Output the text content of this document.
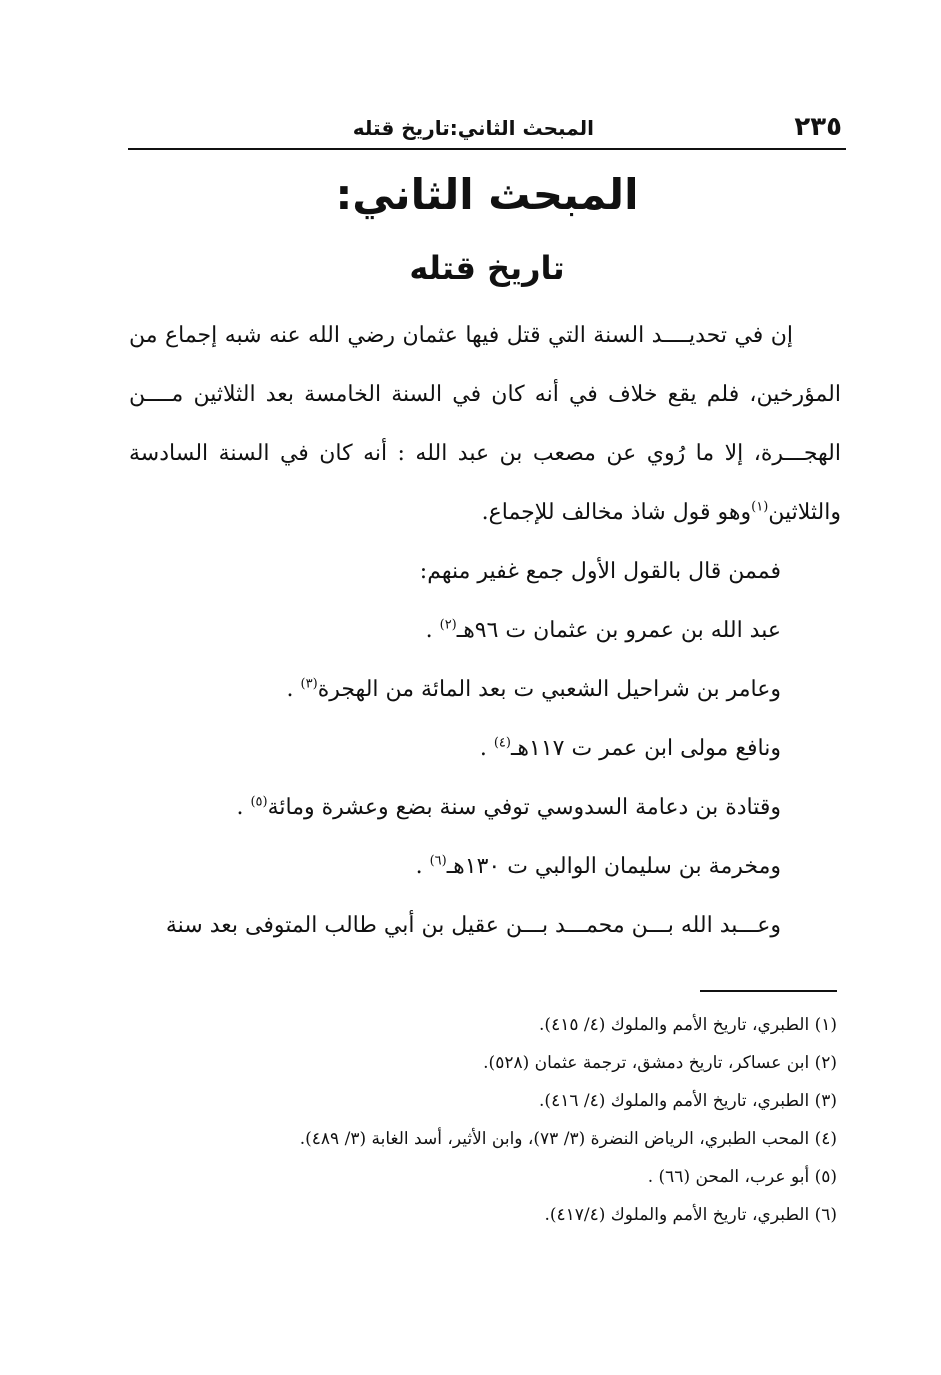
٢٣٥
المبحث الثاني:تاريخ قتله
المبحث الثاني:
تاريخ قتله

إن في تحديــــد السنة التي قتل فيها عثمان رضي الله عنه شبه إجماع من المؤرخين، فلم يقع خلاف في أنه كان في السنة الخامسة بعد الثلاثين مــــن الهجـــرة، إلا ما رُوي عن مصعب بن عبد الله : أنه كان في السنة السادسة والثلاثين$^{(١)}$وهو قول شاذ مخالف للإجماع.

فممن قال بالقول الأول جمع غفير منهم:

عبد الله بن عمرو بن عثمان ت ٩٦هـ$^{(٢)}$ .

وعامر بن شراحيل الشعبي ت بعد المائة من الهجرة$^{(٣)}$ .

ونافع مولى ابن عمر ت ١١٧هـ$^{(٤)}$ .

وقتادة بن دعامة السدوسي توفي سنة بضع وعشرة ومائة$^{(٥)}$ .

ومخرمة بن سليمان الوالبي ت ١٣٠هـ$^{(٦)}$ .

وعـــبد الله بـــن محمـــد بـــن عقيل بن أبي طالب المتوفى بعد سنة

(١) الطبري، تاريخ الأمم والملوك (٤/ ٤١٥).
(٢) ابن عساكر، تاريخ دمشق، ترجمة عثمان (٥٢٨).
(٣) الطبري، تاريخ الأمم والملوك (٤/ ٤١٦).
(٤) المحب الطبري، الرياض النضرة (٣/ ٧٣)، وابن الأثير، أسد الغابة (٣/ ٤٨٩).
(٥) أبو عرب، المحن (٦٦) .
(٦) الطبري، تاريخ الأمم والملوك (٤١٧/٤).
